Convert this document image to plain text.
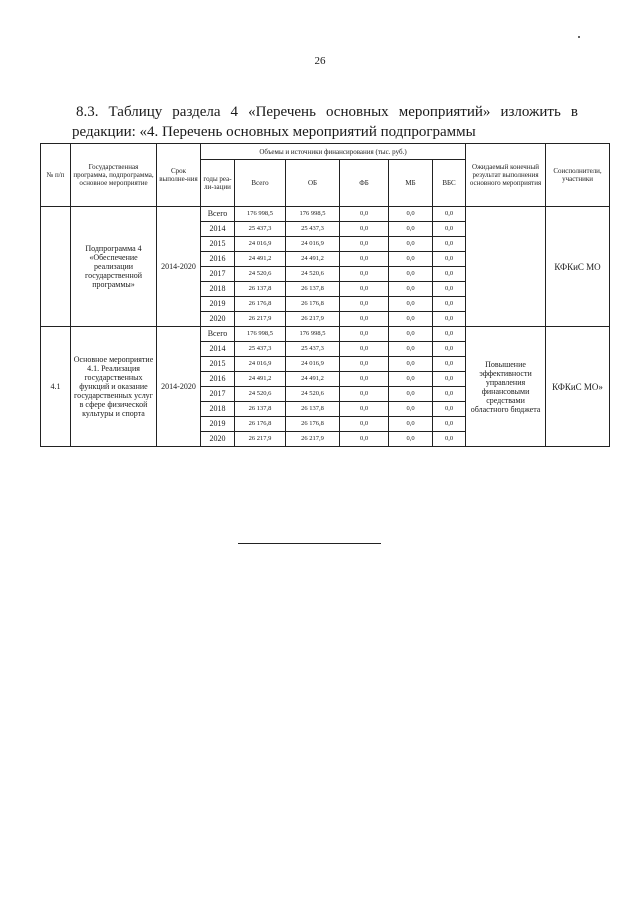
26
8.3. Таблицу раздела 4 «Перечень основных мероприятий» изложить в
редакции: «4. Перечень основных мероприятий подпрограммы
№ п/п	Государственная программа, подпрограмма, основное мероприятие	Срок выполне-ния	Объемы и источники финансирования (тыс. руб.)						Ожидаемый конечный результат выполнения основного мероприятия	Соисполнители, участники
			годы реа-ли-зации	Всего	ОБ	ФБ	МБ	ВБС		
	Подпрограмма 4 «Обеспечение реализации государственной программы»	2014-2020	Всего	176 998,5	176 998,5	0,0	0,0	0,0		КФКиС МО
			2014	25 437,3	25 437,3	0,0	0,0	0,0		
			2015	24 016,9	24 016,9	0,0	0,0	0,0		
			2016	24 491,2	24 491,2	0,0	0,0	0,0		
			2017	24 520,6	24 520,6	0,0	0,0	0,0		
			2018	26 137,8	26 137,8	0,0	0,0	0,0		
			2019	26 176,8	26 176,8	0,0	0,0	0,0		
			2020	26 217,9	26 217,9	0,0	0,0	0,0		
4.1	Основное мероприятие 4.1. Реализация государственных функций и оказание государственных услуг в сфере физической культуры и спорта	2014-2020	Всего	176 998,5	176 998,5	0,0	0,0	0,0	Повышение эффективности управления финансовыми средствами областного бюджета	КФКиС МО»
			2014	25 437,3	25 437,3	0,0	0,0	0,0		
			2015	24 016,9	24 016,9	0,0	0,0	0,0		
			2016	24 491,2	24 491,2	0,0	0,0	0,0		
			2017	24 520,6	24 520,6	0,0	0,0	0,0		
			2018	26 137,8	26 137,8	0,0	0,0	0,0		
			2019	26 176,8	26 176,8	0,0	0,0	0,0		
			2020	26 217,9	26 217,9	0,0	0,0	0,0		
